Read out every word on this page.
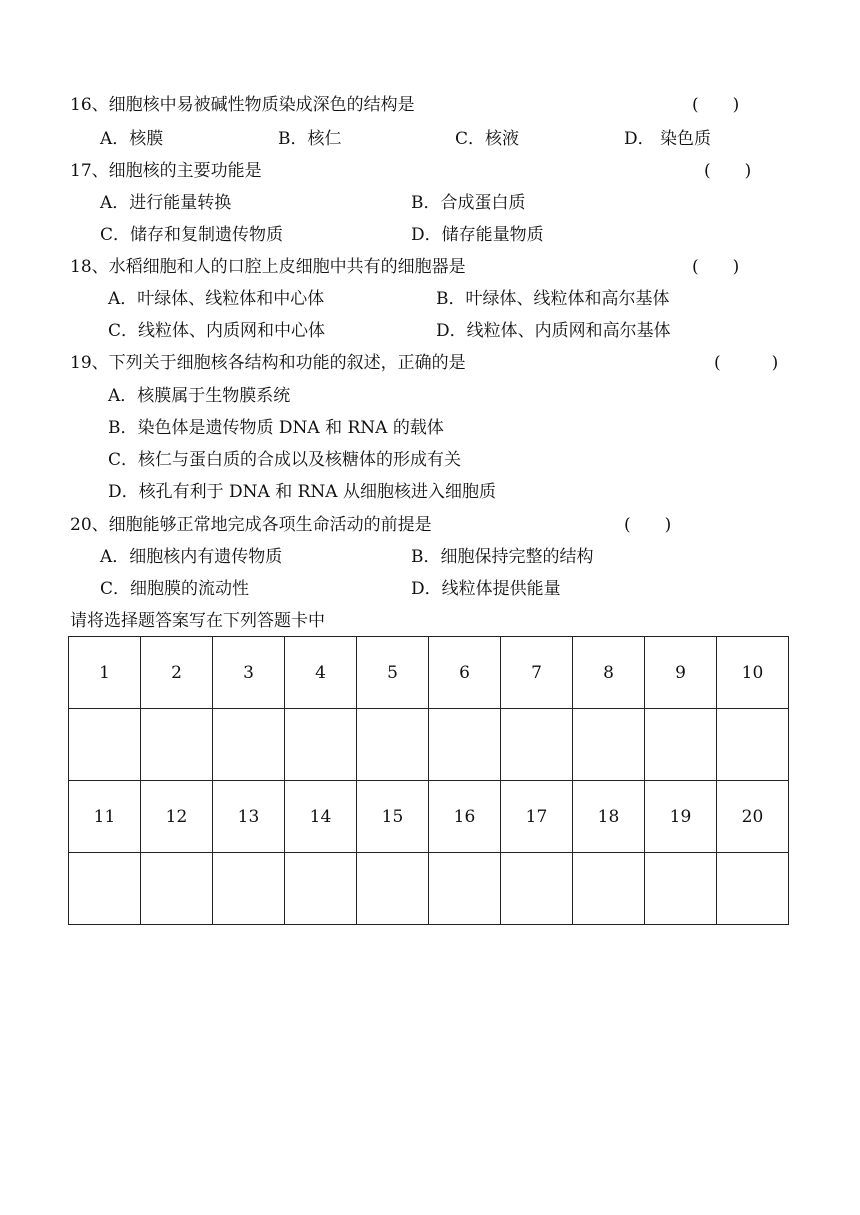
16、细胞核中易被碱性物质染成深色的结构是	(　　)
A．核膜	B．核仁	C．核液	D． 染色质
17、细胞核的主要功能是	(　　)
A．进行能量转换	B．合成蛋白质
C．储存和复制遗传物质	D．储存能量物质
18、水稻细胞和人的口腔上皮细胞中共有的细胞器是	(　　)
A．叶绿体、线粒体和中心体	B．叶绿体、线粒体和高尔基体
C．线粒体、内质网和中心体	D．线粒体、内质网和高尔基体
19、下列关于细胞核各结构和功能的叙述，正确的是	(　　　)
A．核膜属于生物膜系统
B．染色体是遗传物质 DNA 和 RNA 的载体
C．核仁与蛋白质的合成以及核糖体的形成有关
D．核孔有利于 DNA 和 RNA 从细胞核进入细胞质
20、细胞能够正常地完成各项生命活动的前提是	(　　)
A．细胞核内有遗传物质	B．细胞保持完整的结构
C．细胞膜的流动性	D．线粒体提供能量
请将选择题答案写在下列答题卡中
1	2	3	4	5	6	7	8	9	10

11	12	13	14	15	16	17	18	19	20
